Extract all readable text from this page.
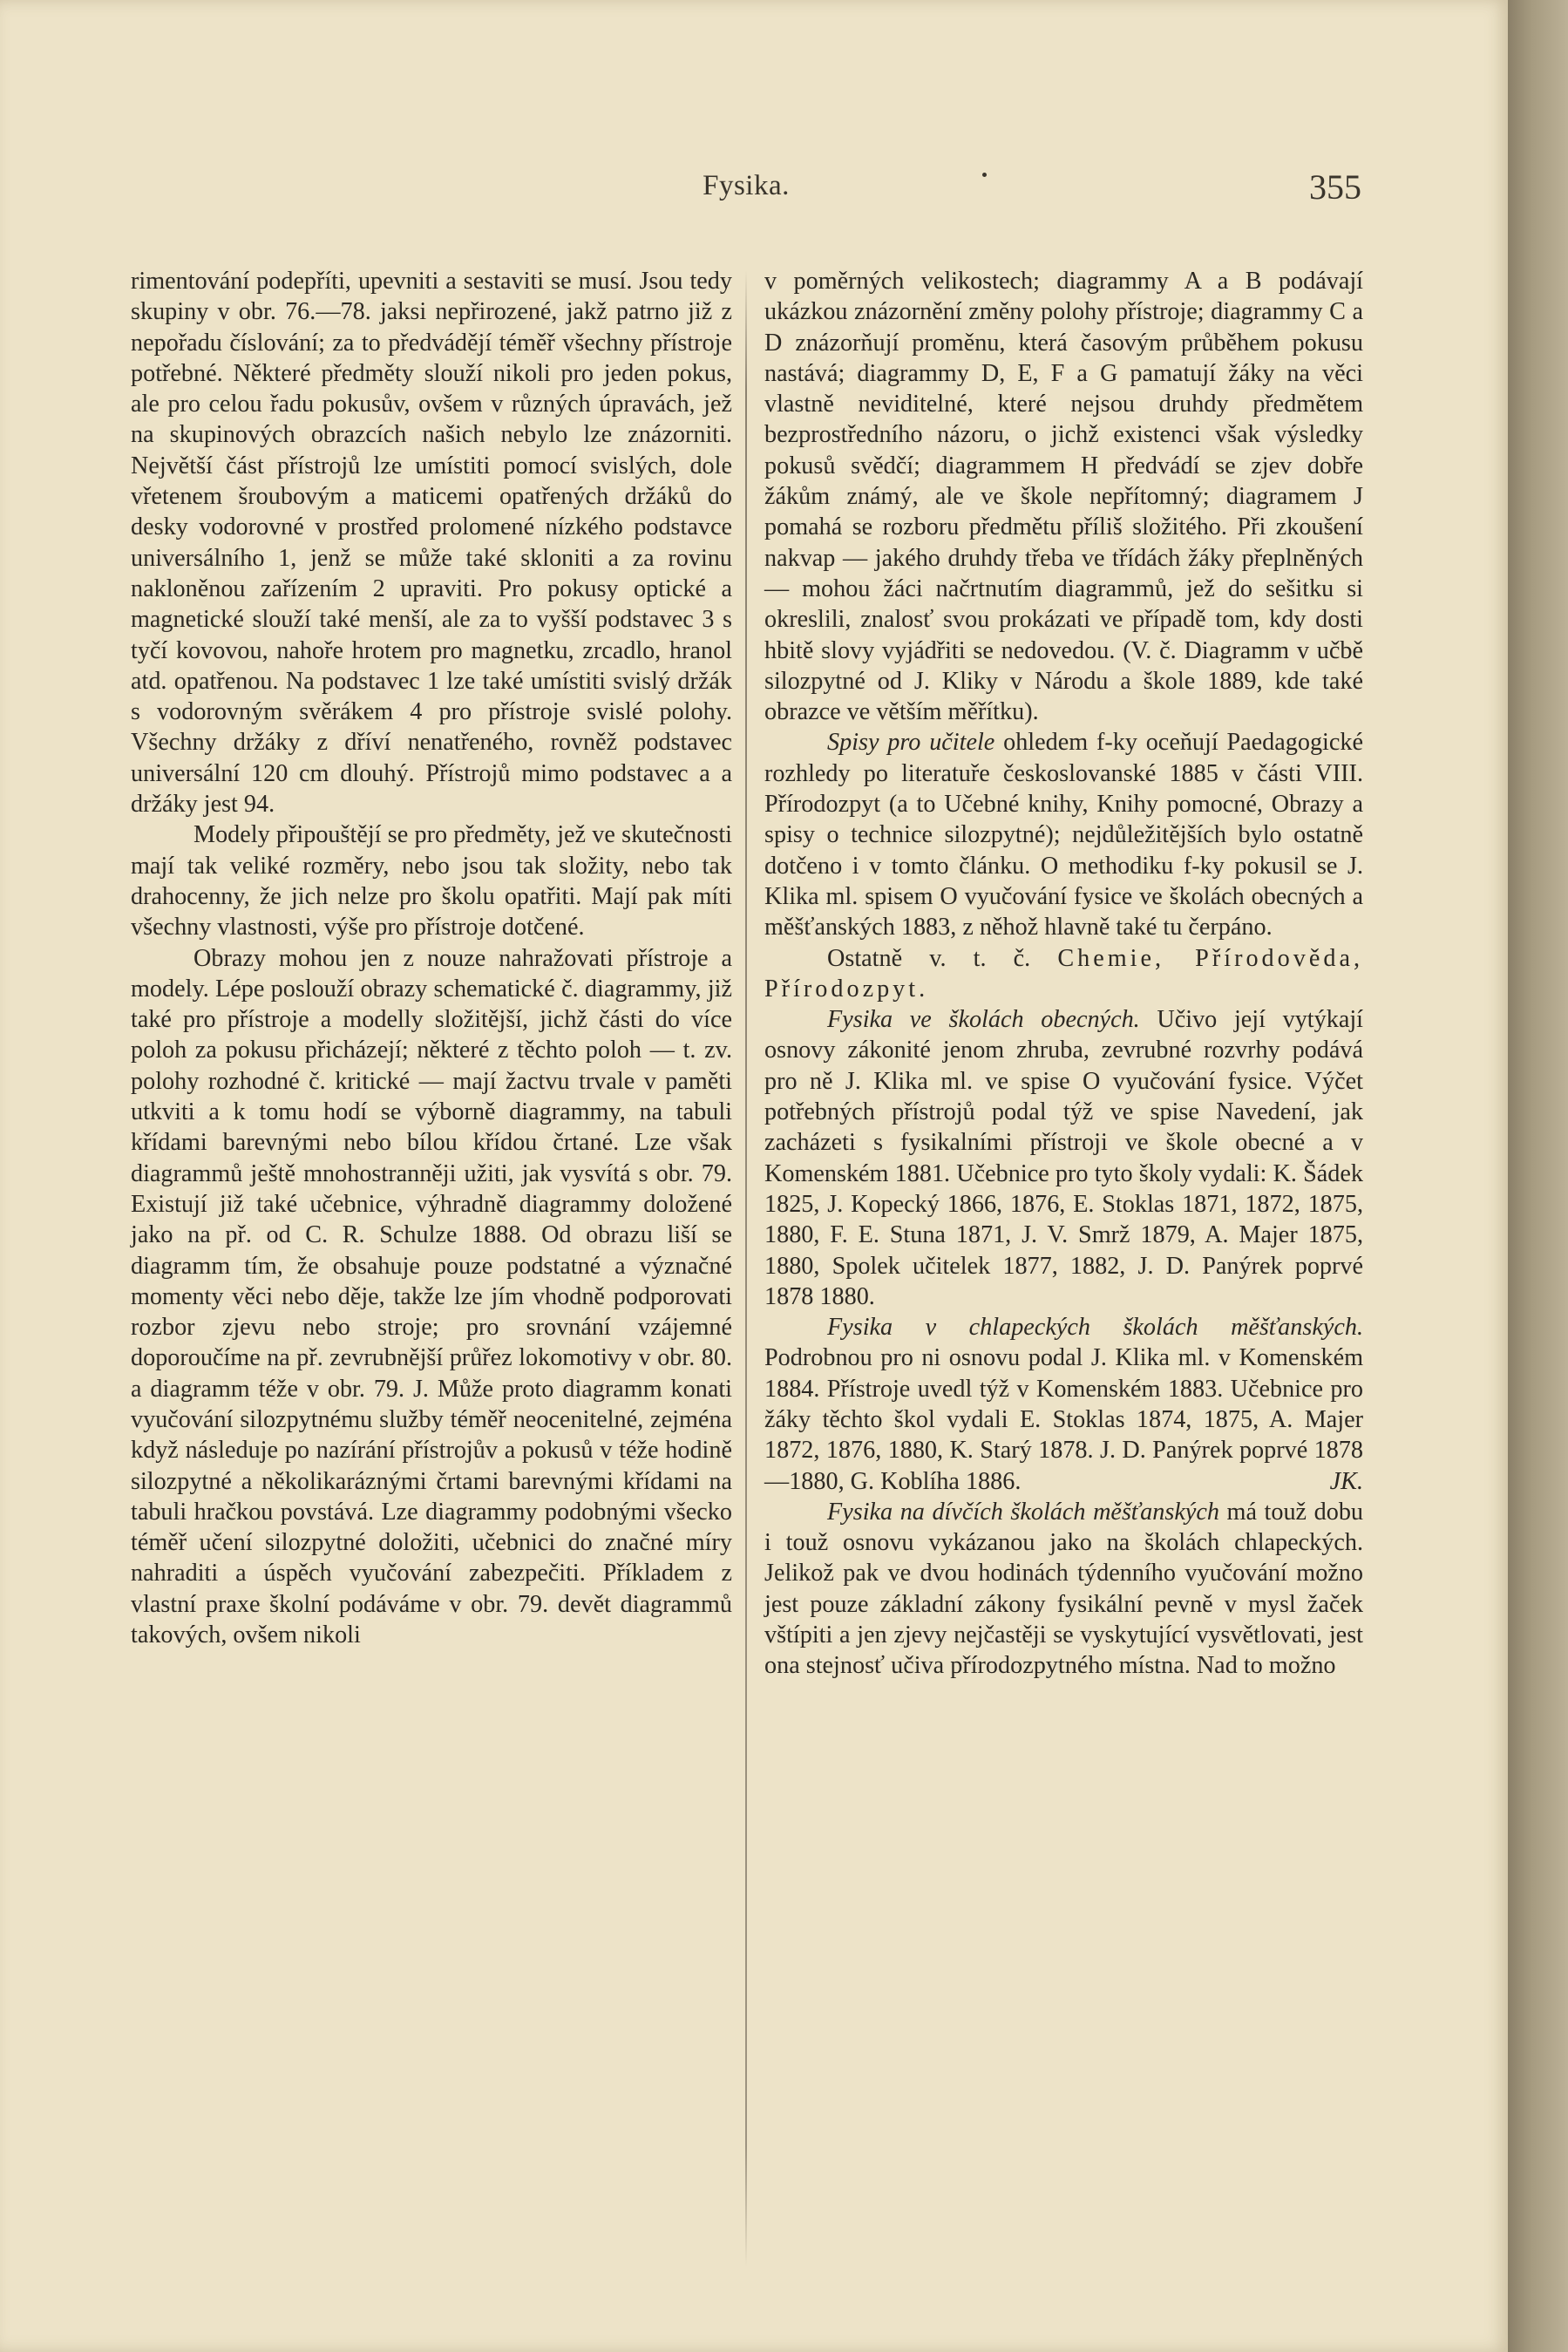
Fysika.	355

rimentování podepříti, upevniti a sestaviti se musí. Jsou tedy skupiny v obr. 76.—78. jaksi nepřirozené, jakž patrno již z nepořadu číslování; za to předvádějí téměř všechny přístroje potřebné. Některé předměty slouží nikoli pro jeden pokus, ale pro celou řadu pokusův, ovšem v různých úpravách, jež na skupinových obrazcích našich nebylo lze znázorniti. Největší část přístrojů lze umístiti pomocí svislých, dole vřetenem šroubovým a maticemi opatřených držáků do desky vodorovné v prostřed prolomené nízkého podstavce universálního 1, jenž se může také skloniti a za rovinu nakloněnou zařízením 2 upraviti. Pro pokusy optické a magnetické slouží také menší, ale za to vyšší podstavec 3 s tyčí kovovou, nahoře hrotem pro magnetku, zrcadlo, hranol atd. opatřenou. Na podstavec 1 lze také umístiti svislý držák s vodorovným svěrákem 4 pro přístroje svislé polohy. Všechny držáky z dříví nenatřeného, rovněž podstavec universální 120 cm dlouhý. Přístrojů mimo podstavec a a držáky jest 94.

Modely připouštějí se pro předměty, jež ve skutečnosti mají tak veliké rozměry, nebo jsou tak složity, nebo tak drahocenny, že jich nelze pro školu opatřiti. Mají pak míti všechny vlastnosti, výše pro přístroje dotčené.

Obrazy mohou jen z nouze nahražovati přístroje a modely. Lépe poslouží obrazy schematické č. diagrammy, již také pro přístroje a modelly složitější, jichž části do více poloh za pokusu přicházejí; některé z těchto poloh — t. zv. polohy rozhodné č. kritické — mají žactvu trvale v paměti utkviti a k tomu hodí se výborně diagrammy, na tabuli křídami barevnými nebo bílou křídou črtané. Lze však diagrammů ještě mnohostranněji užiti, jak vysvítá s obr. 79. Existují již také učebnice, výhradně diagrammy doložené jako na př. od C. R. Schulze 1888. Od obrazu liší se diagramm tím, že obsahuje pouze podstatné a význačné momenty věci nebo děje, takže lze jím vhodně podporovati rozbor zjevu nebo stroje; pro srovnání vzájemné doporoučíme na př. zevrubnější průřez lokomotivy v obr. 80. a diagramm téže v obr. 79. J. Může proto diagramm konati vyučování silozpytnému služby téměř neocenitelné, zejména když následuje po nazírání přístrojův a pokusů v téže hodině silozpytné a několikaráznými črtami barevnými křídami na tabuli hračkou povstává. Lze diagrammy podobnými všecko téměř učení silozpytné doložiti, učebnici do značné míry nahraditi a úspěch vyučování zabezpečiti. Příkladem z vlastní praxe školní podáváme v obr. 79. devět diagrammů takových, ovšem nikoli

v poměrných velikostech; diagrammy A a B podávají ukázkou znázornění změny polohy přístroje; diagrammy C a D znázorňují proměnu, která časovým průběhem pokusu nastává; diagrammy D, E, F a G pamatují žáky na věci vlastně neviditelné, které nejsou druhdy předmětem bezprostředního názoru, o jichž existenci však výsledky pokusů svědčí; diagrammem H předvádí se zjev dobře žákům známý, ale ve škole nepřítomný; diagramem J pomahá se rozboru předmětu příliš složitého. Při zkoušení nakvap — jakého druhdy třeba ve třídách žáky přeplněných — mohou žáci načrtnutím diagrammů, jež do sešitku si okreslili, znalosť svou prokázati ve případě tom, kdy dosti hbitě slovy vyjádřiti se nedovedou. (V. č. Diagramm v učbě silozpytné od J. Kliky v Národu a škole 1889, kde také obrazce ve větším měřítku).

Spisy pro učitele ohledem f-ky oceňují Paedagogické rozhledy po literatuře českoslovanské 1885 v části VIII. Přírodozpyt (a to Učebné knihy, Knihy pomocné, Obrazy a spisy o technice silozpytné); nejdůležitějších bylo ostatně dotčeno i v tomto článku. O methodiku f-ky pokusil se J. Klika ml. spisem O vyučování fysice ve školách obecných a měšťanských 1883, z něhož hlavně také tu čerpáno.

Ostatně v. t. č. Chemie, Přírodověda, Přírodozpyt.

Fysika ve školách obecných. Učivo její vytýkají osnovy zákonité jenom zhruba, zevrubné rozvrhy podává pro ně J. Klika ml. ve spise O vyučování fysice. Výčet potřebných přístrojů podal týž ve spise Navedení, jak zacházeti s fysikalními přístroji ve škole obecné a v Komenském 1881. Učebnice pro tyto školy vydali: K. Šádek 1825, J. Kopecký 1866, 1876, E. Stoklas 1871, 1872, 1875, 1880, F. E. Stuna 1871, J. V. Smrž 1879, A. Majer 1875, 1880, Spolek učitelek 1877, 1882, J. D. Panýrek poprvé 1878 1880.

Fysika v chlapeckých školách měšťanských. Podrobnou pro ni osnovu podal J. Klika ml. v Komenském 1884. Přístroje uvedl týž v Komenském 1883. Učebnice pro žáky těchto škol vydali E. Stoklas 1874, 1875, A. Majer 1872, 1876, 1880, K. Starý 1878. J. D. Panýrek poprvé 1878—1880, G. Koblíha 1886.	JK.

Fysika na dívčích školách měšťanských má touž dobu i touž osnovu vykázanou jako na školách chlapeckých. Jelikož pak ve dvou hodinách týdenního vyučování možno jest pouze základní zákony fysikální pevně v mysl žaček vštípiti a jen zjevy nejčastěji se vyskytující vysvětlovati, jest ona stejnosť učiva přírodozpytného místna. Nad to možno
